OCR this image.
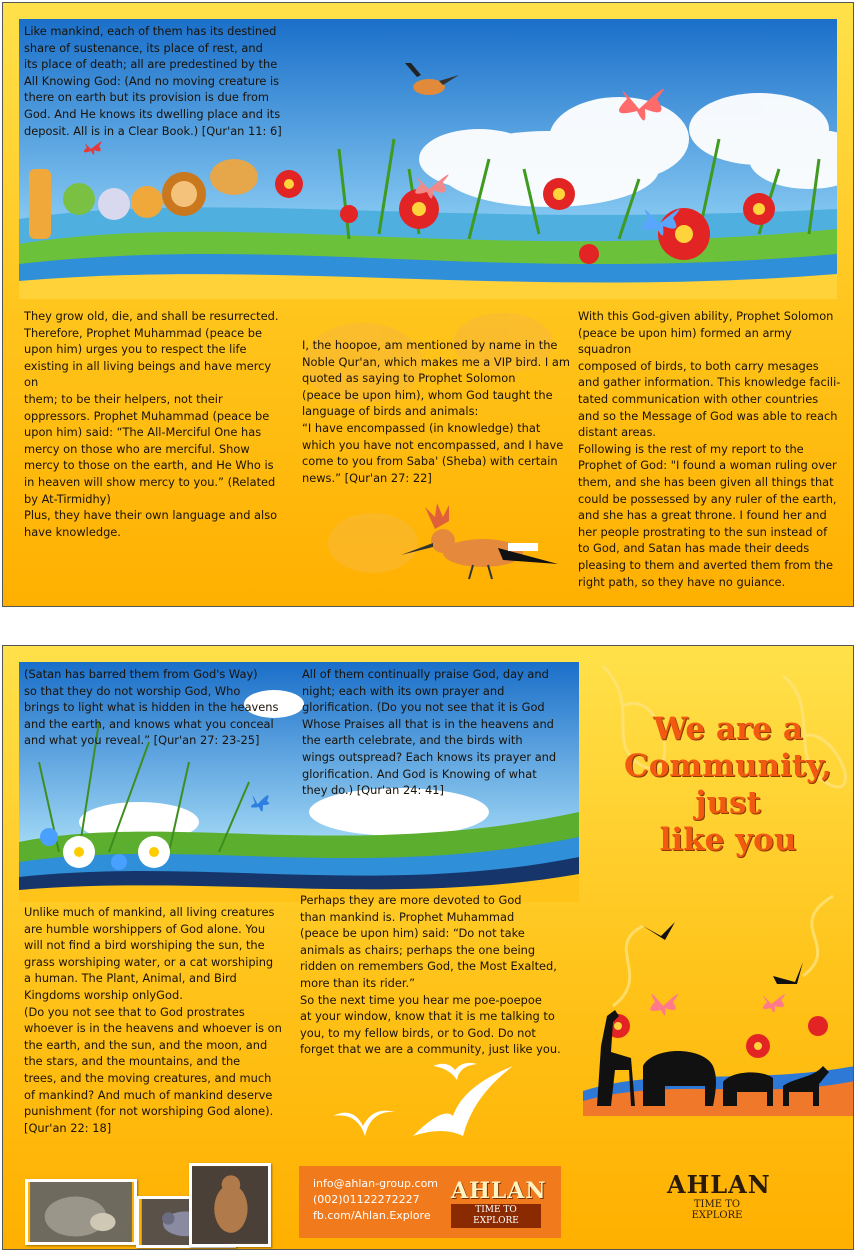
Like mankind, each of them has its destined
share of sustenance, its place of rest, and
its place of death; all are predestined by the
All Knowing God: (And no moving creature is
there on earth but its provision is due from
God. And He knows its dwelling place and its
deposit. All is in a Clear Book.) [Qur'an 11: 6]
They grow old, die, and shall be resurrected.
Therefore, Prophet Muhammad (peace be
upon him) urges you to respect the life
existing in all living beings and have mercy on
them; to be their helpers, not their
oppressors. Prophet Muhammad (peace be
upon him) said: “The All-Merciful One has
mercy on those who are merciful. Show
mercy to those on the earth, and He Who is
in heaven will show mercy to you.” (Related
by At-Tirmidhy)
Plus, they have their own language and also
have knowledge.
I, the hoopoe, am mentioned by name in the
Noble Qur'an, which makes me a VIP bird. I am
quoted as saying to Prophet Solomon
(peace be upon him), whom God taught the
language of birds and animals:
“I have encompassed (in knowledge) that
which you have not encompassed, and I have
come to you from Saba' (Sheba) with certain
news.” [Qur'an 27: 22]
With this God-given ability, Prophet Solomon
(peace be upon him) formed an army squadron
composed of birds, to both carry mesages
and gather information. This knowledge facili-
tated communication with other countries
and so the Message of God was able to reach
distant areas.
Following is the rest of my report to the
Prophet of God: "I found a woman ruling over
them, and she has been given all things that
could be possessed by any ruler of the earth,
and she has a great throne. I found her and
her people prostrating to the sun instead of
to God, and Satan has made their deeds
pleasing to them and averted them from the
right path, so they have no guiance.
(Satan has barred them from God's Way)
so that they do not worship God, Who
brings to light what is hidden in the heavens
and the earth, and knows what you conceal
and what you reveal.” [Qur'an 27: 23-25]
All of them continually praise God, day and
night; each with its own prayer and
glorification. (Do you not see that it is God
Whose Praises all that is in the heavens and
the earth celebrate, and the birds with
wings outspread? Each knows its prayer and
glorification. And God is Knowing of what
they do.) [Qur'an 24: 41]
We are a
Community,
just
like you
Unlike much of mankind, all living creatures
are humble worshippers of God alone. You
will not find a bird worshiping the sun, the
grass worshiping water, or a cat worshiping
a human. The Plant, Animal, and Bird
Kingdoms worship onlyGod.
(Do you not see that to God prostrates
whoever is in the heavens and whoever is on
the earth, and the sun, and the moon, and
the stars, and the mountains, and the
trees, and the moving creatures, and much
of mankind? And much of mankind deserve
punishment (for not worshiping God alone).
[Qur'an 22: 18]
Perhaps they are more devoted to God
than mankind is. Prophet Muhammad
(peace be upon him) said: “Do not take
animals as chairs; perhaps the one being
ridden on remembers God, the Most Exalted,
more than its rider.”
So the next time you hear me poe-poepoe
at your window, know that it is me talking to
you, to my fellow birds, or to God. Do not
forget that we are a community, just like you.
info@ahlan-group.com
(002)01122272227
fb.com/Ahlan.Explore
AHLAN
TIME TO EXPLORE
AHLAN
TIME TO EXPLORE
